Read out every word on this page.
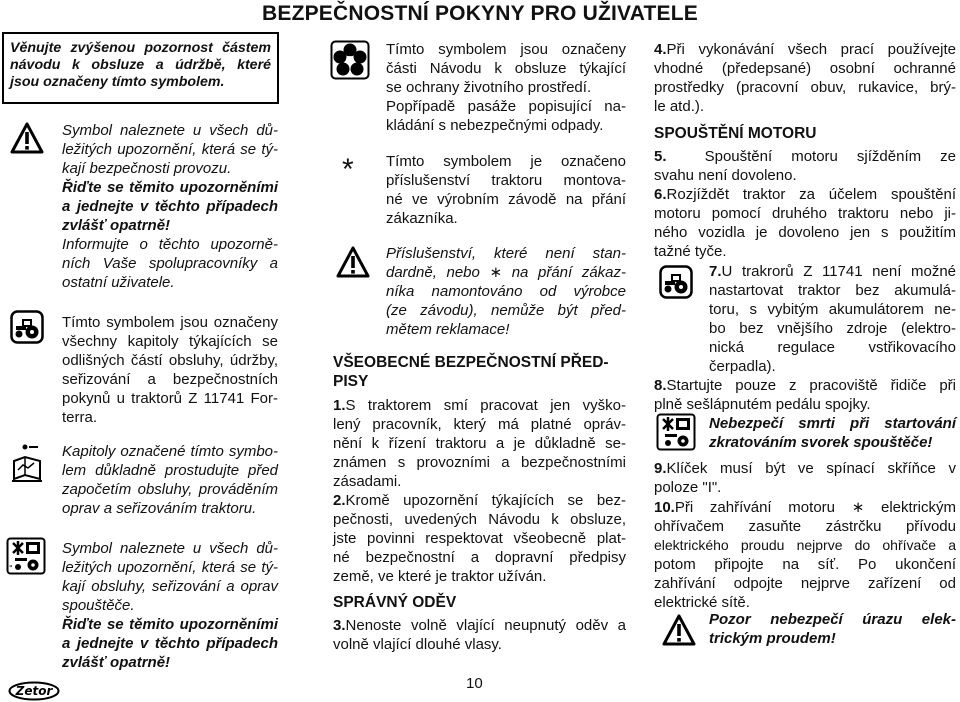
BEZPEČNOSTNÍ POKYNY PRO UŽIVATELE
Věnujte zvýšenou pozornost částem
návodu k obsluze a údržbě, které
jsou označeny tímto symbolem.
Symbol naleznete u všech dů-
ležitých upozornění, která se tý-
kají bezpečnosti provozu.
Řiďte se těmito upozorněními
a jednejte v těchto případech
zvlášť opatrně!
Informujte o těchto upozorně-
ních Vaše spolupracovníky a
ostatní uživatele.
Tímto symbolem jsou označeny
všechny kapitoly týkajících se
odlišných částí obsluhy, údržby,
seřizování a bezpečnostních
pokynů u traktorů Z 11741 For-
terra.
Kapitoly označené tímto symbo-
lem důkladně prostudujte před
započetím obsluhy, prováděním
oprav a seřizováním traktoru.
"
Symbol naleznete u všech dů-
ležitých upozornění, která se tý-
kají obsluhy, seřizování a oprav
spouštěče.
Řiďte se těmito upozorněními
a jednejte v těchto případech
zvlášť opatrně!
Zetor
Tímto symbolem jsou označeny
části Návodu k obsluze týkající
se ochrany životního prostředí.
Popřípadě pasáže popisující na-
kládání s nebezpečnými odpady.
* Tímto symbolem je označeno
příslušenství traktoru montova-
né ve výrobním závodě na přání
zákazníka.
Příslušenství, které není stan-
dardně, nebo ∗ na přání zákaz-
níka namontováno od výrobce
(ze závodu), nemůže být před-
mětem reklamace!
VŠEOBECNÉ BEZPEČNOSTNÍ PŘED-
PISY
1.S traktorem smí pracovat jen vyško-
lený pracovník, který má platné opráv-
nění k řízení traktoru a je důkladně se-
známen s provozními a bezpečnostními
zásadami.
2.Kromě upozornění týkajících se bez-
pečnosti, uvedených Návodu k obsluze,
jste povinni respektovat všeobecně plat-
né bezpečnostní a dopravní předpisy
země, ve které je traktor užíván.
SPRÁVNÝ ODĚV
3.Nenoste volně vlající neupnutý oděv a
volně vlající dlouhé vlasy.
4.Při vykonávání všech prací používejte
vhodné (předepsané) osobní ochranné
prostředky (pracovní obuv, rukavice, brý-
le atd.).
SPOUŠTĚNÍ MOTORU
5.	Spouštění motoru sjížděním ze
svahu není dovoleno.
6.Rozjíždět traktor za účelem spouštění
motoru pomocí druhého traktoru nebo ji-
ného vozidla je dovoleno jen s použitím
tažné tyče.
7.U trakrorů Z 11741 není možné
nastartovat traktor bez akumulá-
toru, s vybitým akumulátorem ne-
bo bez vnějšího zdroje (elektro-
nická regulace vstřikovacího
čerpadla).
8.Startujte pouze z pracoviště řidiče při
plně sešlápnutém pedálu spojky.
Nebezpečí smrti při startování
zkratováním svorek spouštěče!
9.Klíček musí být ve spínací skříňce v
poloze "I".
10.Při zahřívání motoru ∗ elektrickým
ohřívačem zasuňte zástrčku přívodu
elektrického proudu nejprve do ohřívače a
potom připojte na síť. Po ukončení
zahřívání odpojte nejprve zařízení od
elektrické sítě.
Pozor nebezpečí úrazu elek-
trickým proudem!
10
